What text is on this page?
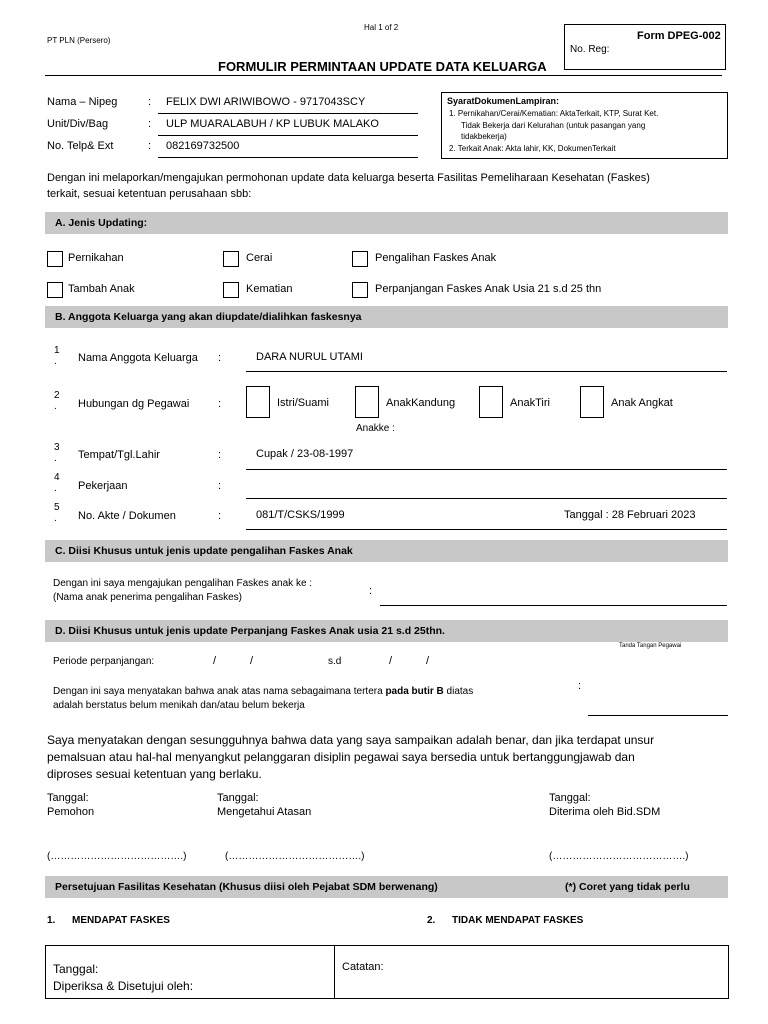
PT PLN (Persero)
Hal 1 of 2
Form DPEG-002
No. Reg:
FORMULIR PERMINTAAN UPDATE DATA KELUARGA
Nama – Nipeg	: FELIX DWI ARIWIBOWO - 9717043SCY
Unit/Div/Bag	: ULP MUARALABUH / KP LUBUK MALAKO
No. Telp& Ext	: 082169732500
SyaratDokumenLampiran:
1. Pernikahan/Cerai/Kematian: AktaTerkait, KTP, Surat Ket.
Tidak Bekerja dari Kelurahan (untuk pasangan yang
tidakbekerja)
2. Terkait Anak: Akta lahir, KK, DokumenTerkait
Dengan ini melaporkan/mengajukan permohonan update data keluarga beserta Fasilitas Pemeliharaan Kesehatan (Faskes)
terkait, sesuai ketentuan perusahaan sbb:
A. Jenis Updating:
Pernikahan	Cerai	Pengalihan Faskes Anak
Tambah Anak	Kematian	Perpanjangan Faskes Anak Usia 21 s.d 25 thn
B. Anggota Keluarga yang akan diupdate/dialihkan faskesnya
1
. Nama Anggota Keluarga :	DARA NURUL UTAMI
2
. Hubungan dg Pegawai	:	Istri/Suami	AnakKandung	AnakTiri	Anak Angkat
Anakke :
3
. Tempat/Tgl.Lahir	:	Cupak / 23-08-1997
4
. Pekerjaan	:
5
. No. Akte / Dokumen	:	081/T/CSKS/1999	Tanggal : 28 Februari 2023
C. Diisi Khusus untuk jenis update pengalihan Faskes Anak
Dengan ini saya mengajukan pengalihan Faskes anak ke :
(Nama anak penerima pengalihan Faskes)
:
D. Diisi Khusus untuk jenis update Perpanjang Faskes Anak usia 21 s.d 25thn.
Tanda Tangan Pegawai
Periode perpanjangan:	/	/	s.d	/	/
Dengan ini saya menyatakan bahwa anak atas nama sebagaimana tertera pada butir B diatas
adalah berstatus belum menikah dan/atau belum bekerja
:
Saya menyatakan dengan sesungguhnya bahwa data yang saya sampaikan adalah benar, dan jika terdapat unsur
pemalsuan atau hal-hal menyangkut pelanggaran disiplin pegawai saya bersedia untuk bertanggungjawab dan
diproses sesuai ketentuan yang berlaku.
Tanggal:
Pemohon
(………………………………….)
Tanggal:
Mengetahui Atasan
(………………………………….)
Tanggal:
Diterima oleh Bid.SDM
(………………………………….)
Persetujuan Fasilitas Kesehatan (Khusus diisi oleh Pejabat SDM berwenang)	(*) Coret yang tidak perlu
1. MENDAPAT FASKES	2. TIDAK MENDAPAT FASKES
Tanggal:
Diperiksa & Disetujui oleh:
Catatan:
